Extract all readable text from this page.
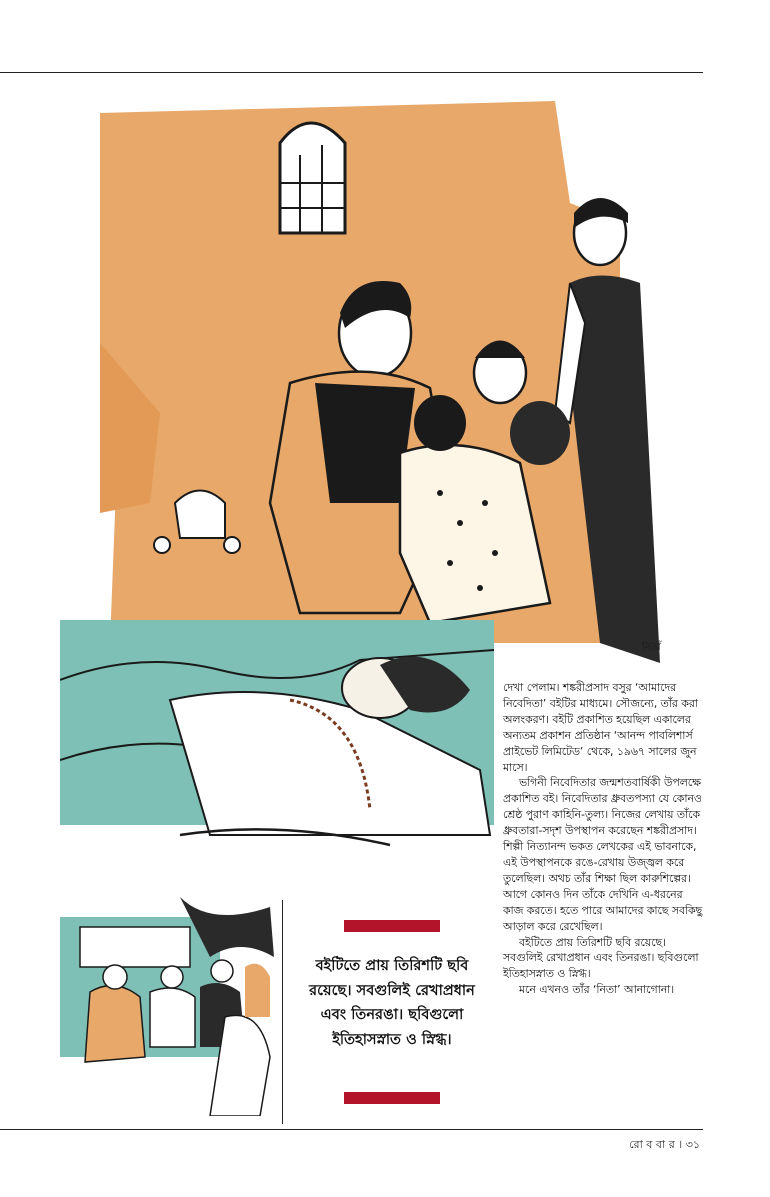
নিতাঁ
বইটিতে প্রায় তিরিশটি ছবি রয়েছে। সবগুলিই রেখাপ্রধান এবং তিনরঙা। ছবিগুলো ইতিহাসস্নাত ও স্নিগ্ধ।

দেখা পেলাম। শঙ্করীপ্রসাদ বসুর ‘আমাদের নিবেদিতা’ বইটির মাধ্যমে। সৌজন্যে, তাঁর করা অলংকরণ। বইটি প্রকাশিত হয়েছিল একালের অন্যতম প্রকাশন প্রতিষ্ঠান ‘আনন্দ পাবলিশার্স প্রাইভেট লিমিটেড’ থেকে, ১৯৬৭ সালের জুন মাসে।

ভগিনী নিবেদিতার জন্মশতবার্ষিকী উপলক্ষে প্রকাশিত বই। নিবেদিতার ধ্রুবতপস্যা যে কোনও শ্রেষ্ঠ পুরাণ কাহিনি-তুল্য। নিজের লেখায় তাঁকে ধ্রুবতারা-সদৃশ উপস্থাপন করেছেন শঙ্করীপ্রসাদ। শিল্পী নিত্যানন্দ ভকত লেখকের এই ভাবনাকে, এই উপস্থাপনকে রঙে-রেখায় উজ্জ্বল করে তুলেছিল। অথচ তাঁর শিক্ষা ছিল কারুশিল্পের। আগে কোনও দিন তাঁকে দেখিনি এ-ধরনের কাজ করতে। হতে পারে আমাদের কাছে সবকিছু আড়াল করে রেখেছিল।

বইটিতে প্রায় তিরিশটি ছবি রয়েছে। সবগুলিই রেখাপ্রধান এবং তিনরঙা। ছবিগুলো ইতিহাসস্নাত ও স্নিগ্ধ।

মনে এখনও তাঁর ‘নিতা’ আনাগোনা।

রো ব বা র । ৩১
